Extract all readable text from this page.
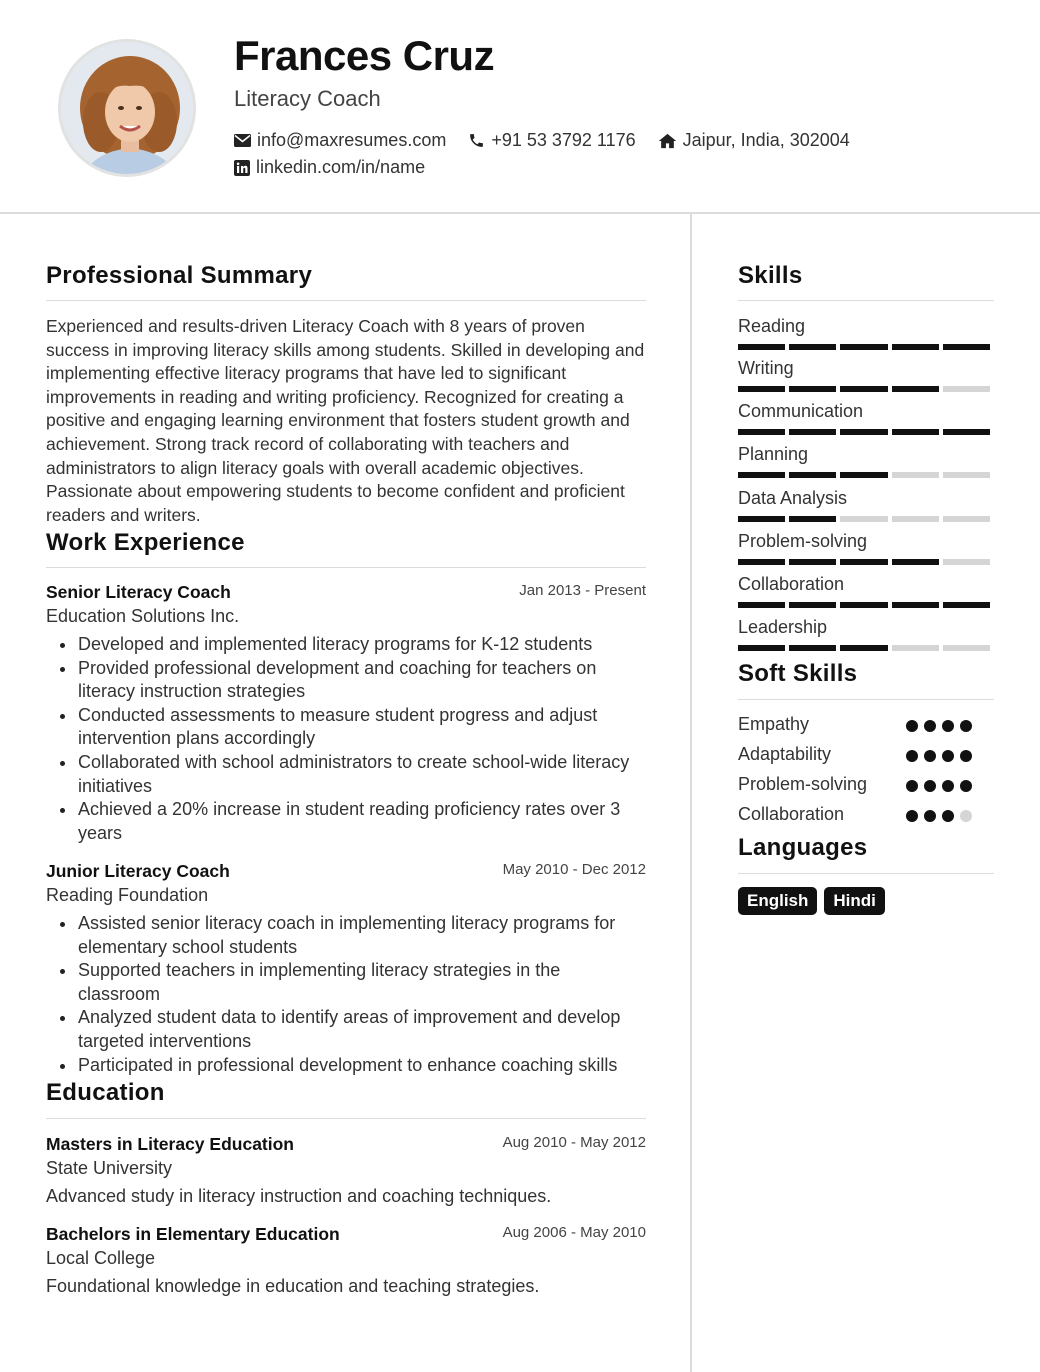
Frances Cruz
Literacy Coach
info@maxresumes.com	+91 53 3792 1176	Jaipur, India, 302004
linkedin.com/in/name
Professional Summary
Experienced and results-driven Literacy Coach with 8 years of proven success in improving literacy skills among students. Skilled in developing and implementing effective literacy programs that have led to significant improvements in reading and writing proficiency. Recognized for creating a positive and engaging learning environment that fosters student growth and achievement. Strong track record of collaborating with teachers and administrators to align literacy goals with overall academic objectives. Passionate about empowering students to become confident and proficient readers and writers.
Work Experience
Senior Literacy Coach	Jan 2013 - Present
Education Solutions Inc.
Developed and implemented literacy programs for K-12 students
Provided professional development and coaching for teachers on literacy instruction strategies
Conducted assessments to measure student progress and adjust intervention plans accordingly
Collaborated with school administrators to create school-wide literacy initiatives
Achieved a 20% increase in student reading proficiency rates over 3 years
Junior Literacy Coach	May 2010 - Dec 2012
Reading Foundation
Assisted senior literacy coach in implementing literacy programs for elementary school students
Supported teachers in implementing literacy strategies in the classroom
Analyzed student data to identify areas of improvement and develop targeted interventions
Participated in professional development to enhance coaching skills
Education
Masters in Literacy Education	Aug 2010 - May 2012
State University
Advanced study in literacy instruction and coaching techniques.
Bachelors in Elementary Education	Aug 2006 - May 2010
Local College
Foundational knowledge in education and teaching strategies.
Skills
Reading
Writing
Communication
Planning
Data Analysis
Problem-solving
Collaboration
Leadership
Soft Skills
Empathy
Adaptability
Problem-solving
Collaboration
Languages
English	Hindi
